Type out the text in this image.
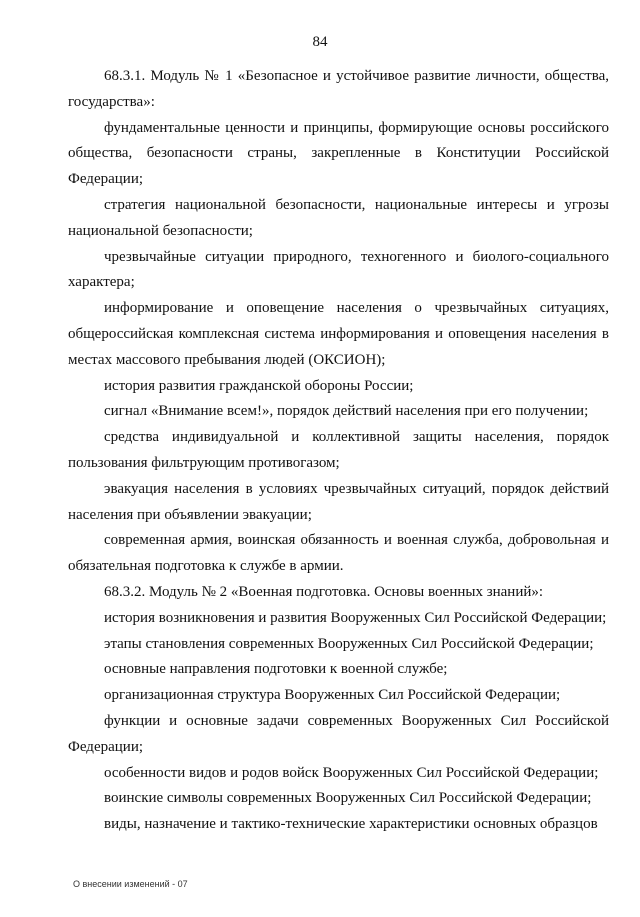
84

68.3.1. Модуль № 1 «Безопасное и устойчивое развитие личности, общества, государства»:

фундаментальные ценности и принципы, формирующие основы российского общества, безопасности страны, закрепленные в Конституции Российской Федерации;

стратегия национальной безопасности, национальные интересы и угрозы национальной безопасности;

чрезвычайные ситуации природного, техногенного и биолого-социального характера;

информирование и оповещение населения о чрезвычайных ситуациях, общероссийская комплексная система информирования и оповещения населения в местах массового пребывания людей (ОКСИОН);

история развития гражданской обороны России;

сигнал «Внимание всем!», порядок действий населения при его получении;

средства индивидуальной и коллективной защиты населения, порядок пользования фильтрующим противогазом;

эвакуация населения в условиях чрезвычайных ситуаций, порядок действий населения при объявлении эвакуации;

современная армия, воинская обязанность и военная служба, добровольная и обязательная подготовка к службе в армии.

68.3.2. Модуль № 2 «Военная подготовка. Основы военных знаний»:

история возникновения и развития Вооруженных Сил Российской Федерации;

этапы становления современных Вооруженных Сил Российской Федерации;

основные направления подготовки к военной службе;

организационная структура Вооруженных Сил Российской Федерации;

функции и основные задачи современных Вооруженных Сил Российской Федерации;

особенности видов и родов войск Вооруженных Сил Российской Федерации;

воинские символы современных Вооруженных Сил Российской Федерации;

виды, назначение и тактико-технические характеристики основных образцов

О внесении изменений - 07
